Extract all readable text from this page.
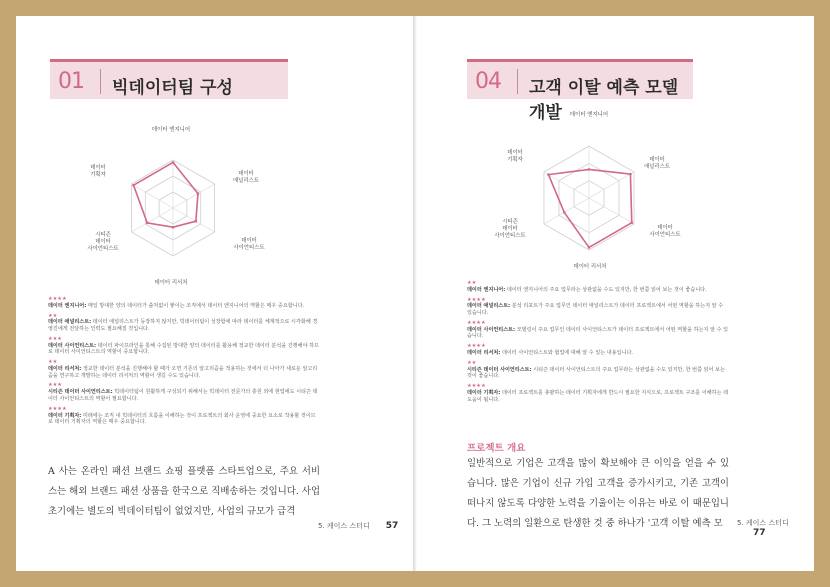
01 빅데이터팀 구성
데이터 엔지니어
데이터
애널리스트
데이터
사이언티스트
데이터 리서처
시티즌
데이터
사이언티스트
데이터
기획자
★★★★
데이터 엔지니어: 매일 방대한 양의 데이터가 출처없이 쌓이는 조직에서 데이터 엔지니어의 역할은 매우 중요합니다.
★★
데이터 애널리스트: 데이터 애널리스트가 등장하지 않지만, 빅데이터팀이 성장함에 따라 데이터를 체계적으로 시각화해 경영진에게 전달하는 인력도 필요해질 것입니다.
★★★
데이터 사이언티스트: 데이터 파이프라인을 통해 수집된 방대한 양의 데이터를 활용해 정교한 데이터 분석을 진행해야 하므로 데이터 사이언티스트의 역할이 중요합니다.
★★
데이터 리서처: 정교한 데이터 분석을 진행해야 할 때가 오면 기존의 알고리즘을 적용하는 것에서 더 나아가 새로운 알고리즘을 연구하고 개발하는 데이터 리서처의 역할이 생길 수도 있습니다.
★★★
시티즌 데이터 사이언티스트: 빅데이터팀이 원활하게 구성되기 위해서는 빅데이터 전문가의 충원 외에 현업에도 시티즌 데이터 사이언티스트의 역할이 필요합니다.
★★★★
데이터 기획자: 미래에는 조직 내 빅데이터의 흐름을 이해하는 것이 프로젝트의 회사 운영에 중요한 요소로 작용할 것이므로 데이터 기획자의 역할은 매우 중요합니다.
A 사는 온라인 패션 브랜드 쇼핑 플랫폼 스타트업으로, 주요 서비스는 해외 브랜드 패션 상품을 한국으로 직배송하는 것입니다. 사업 초기에는 별도의 빅데이터팀이 없었지만, 사업의 규모가 급격
5. 케이스 스터디 57
04 고객 이탈 예측 모델 개발	데이터 엔지니어
데이터
애널리스트
데이터
사이언티스트
데이터 리서처
시티즌
데이터
사이언티스트
데이터
기획자
★★
데이터 엔지니어: 데이터 엔지니어의 주요 업무라는 상관없을 수도 있지만, 한 번쯤 읽어 보는 것이 좋습니다.
★★★★
데이터 애널리스트: 분석 리포트가 주요 업무인 데이터 애널리스트가 데이터 프로젝트에서 어떤 역할을 하는지 알 수 있습니다.
★★★★
데이터 사이언티스트: 모델링이 주요 업무인 데이터 사이언티스트가 데이터 프로젝트에서 어떤 역할을 하는지 알 수 있습니다.
★★★★
데이터 리서처: 데이터 사이언티스트와 협업에 대해 알 수 있는 내용입니다.
★★
시티즌 데이터 사이언티스트: 시티즌 데이터 사이언티스트의 주요 업무라는 상관없을 수도 있지만, 한 번쯤 읽어 보는 것이 좋습니다.
★★★★
데이터 기획자: 데이터 프로젝트를 총괄하는 데이터 기획자에게 반드시 필요한 지식으로, 프로젝트 구조를 이해하는 데 도움이 됩니다.
프로젝트 개요
일반적으로 기업은 고객을 많이 확보해야 큰 이익을 얻을 수 있습니다. 많은 기업이 신규 가입 고객을 증가시키고, 기존 고객이 떠나지 않도록 다양한 노력을 기울이는 이유는 바로 이 때문입니다. 그 노력의 일환으로 탄생한 것 중 하나가 '고객 이탈 예측 모	5. 케이스 스터디77
